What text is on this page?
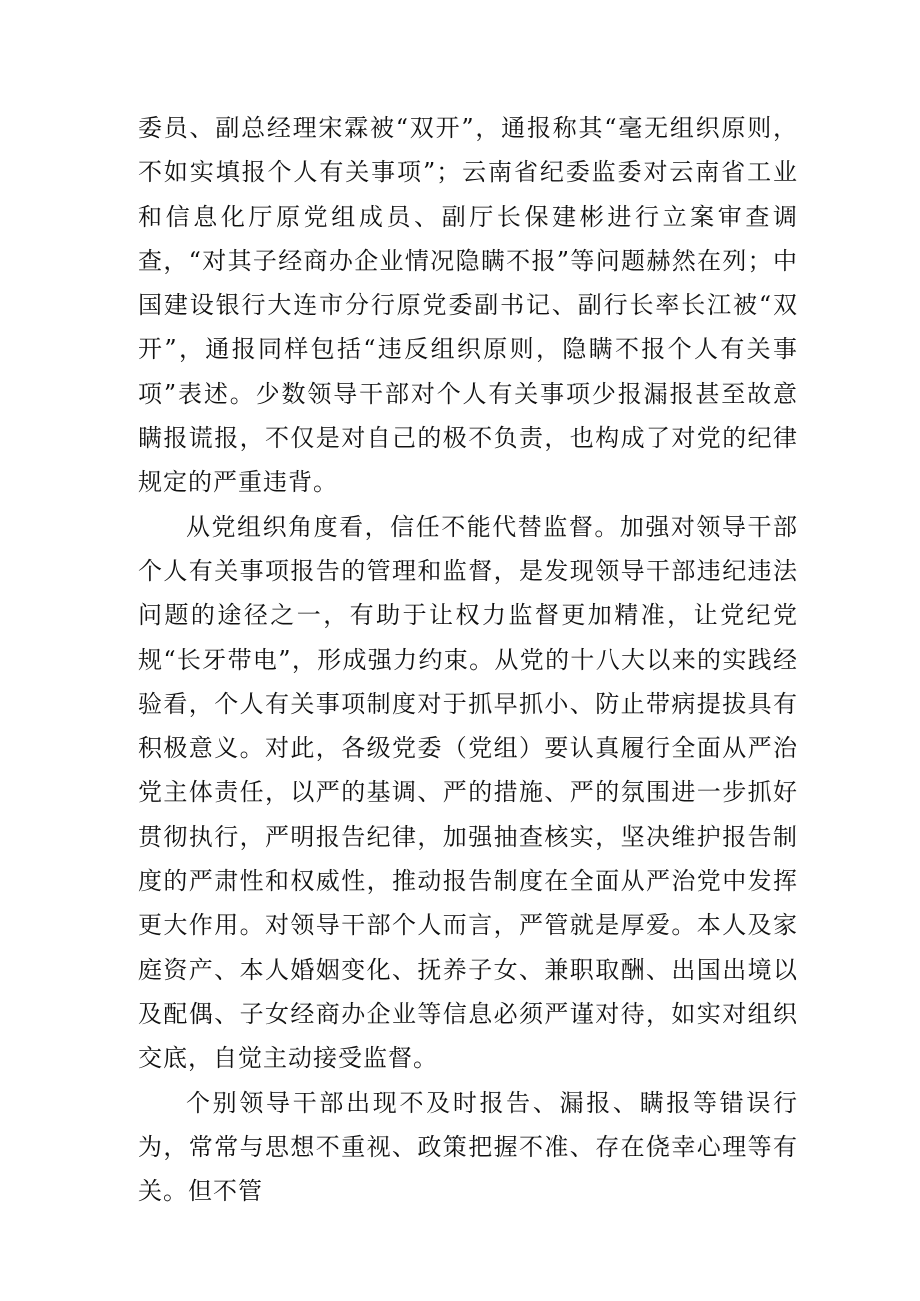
委员、副总经理宋霖被“双开”，通报称其“毫无组织原则，不如实填报个人有关事项”；云南省纪委监委对云南省工业和信息化厅原党组成员、副厅长保建彬进行立案审查调查，“对其子经商办企业情况隐瞒不报”等问题赫然在列；中国建设银行大连市分行原党委副书记、副行长率长江被“双开”，通报同样包括“违反组织原则，隐瞒不报个人有关事项”表述。少数领导干部对个人有关事项少报漏报甚至故意瞒报谎报，不仅是对自己的极不负责，也构成了对党的纪律规定的严重违背。

从党组织角度看，信任不能代替监督。加强对领导干部个人有关事项报告的管理和监督，是发现领导干部违纪违法问题的途径之一，有助于让权力监督更加精准，让党纪党规“长牙带电”，形成强力约束。从党的十八大以来的实践经验看，个人有关事项制度对于抓早抓小、防止带病提拔具有积极意义。对此，各级党委（党组）要认真履行全面从严治党主体责任，以严的基调、严的措施、严的氛围进一步抓好贯彻执行，严明报告纪律，加强抽查核实，坚决维护报告制度的严肃性和权威性，推动报告制度在全面从严治党中发挥更大作用。对领导干部个人而言，严管就是厚爱。本人及家庭资产、本人婚姻变化、抚养子女、兼职取酬、出国出境以及配偶、子女经商办企业等信息必须严谨对待，如实对组织交底，自觉主动接受监督。

个别领导干部出现不及时报告、漏报、瞒报等错误行为，常常与思想不重视、政策把握不准、存在侥幸心理等有关。但不管
